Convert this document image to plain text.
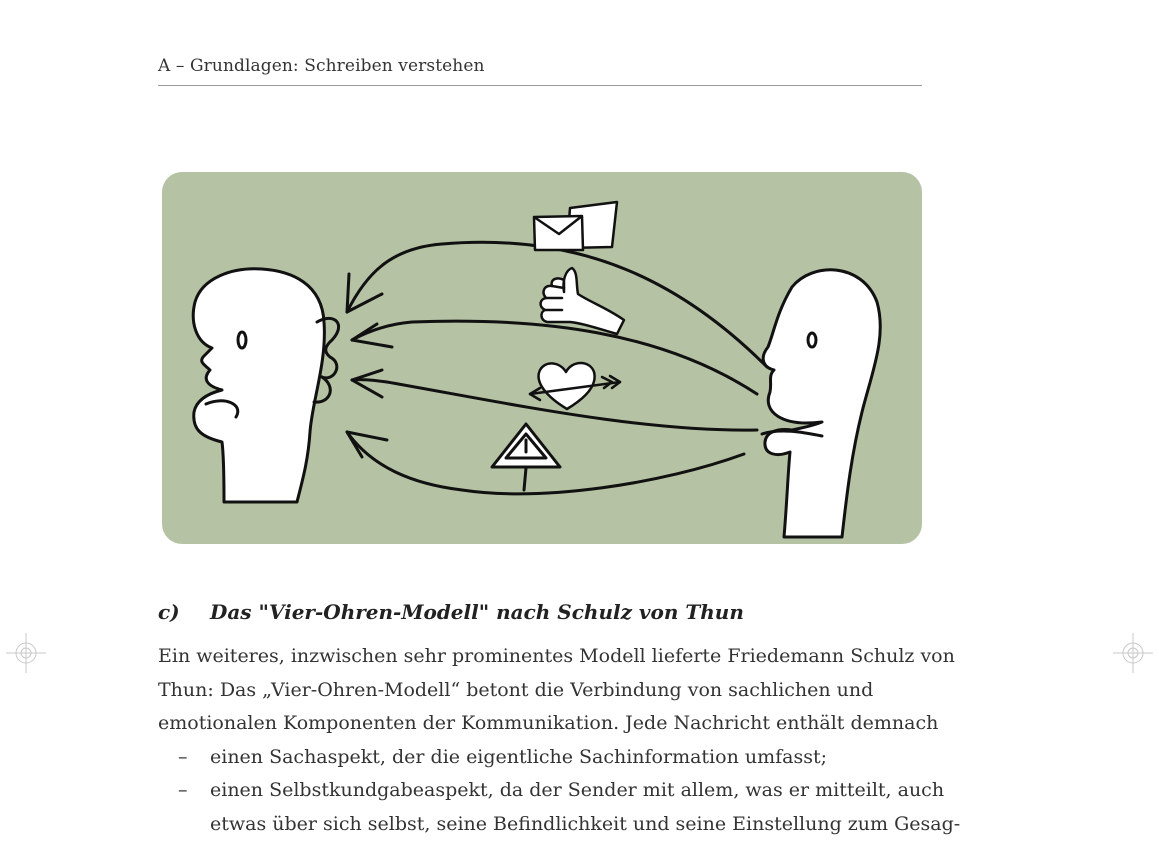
A – Grundlagen: Schreiben verstehen
c) Das "Vier-Ohren-Modell" nach Schulz von Thun
Ein weiteres, inzwischen sehr prominentes Modell lieferte Friedemann Schulz von
Thun: Das „Vier-Ohren-Modell“ betont die Verbindung von sachlichen und
emotionalen Komponenten der Kommunikation. Jede Nachricht enthält demnach
–	einen Sachaspekt, der die eigentliche Sachinformation umfasst;
–	einen Selbstkundgabeaspekt, da der Sender mit allem, was er mitteilt, auch
etwas über sich selbst, seine Befindlichkeit und seine Einstellung zum Gesag-
